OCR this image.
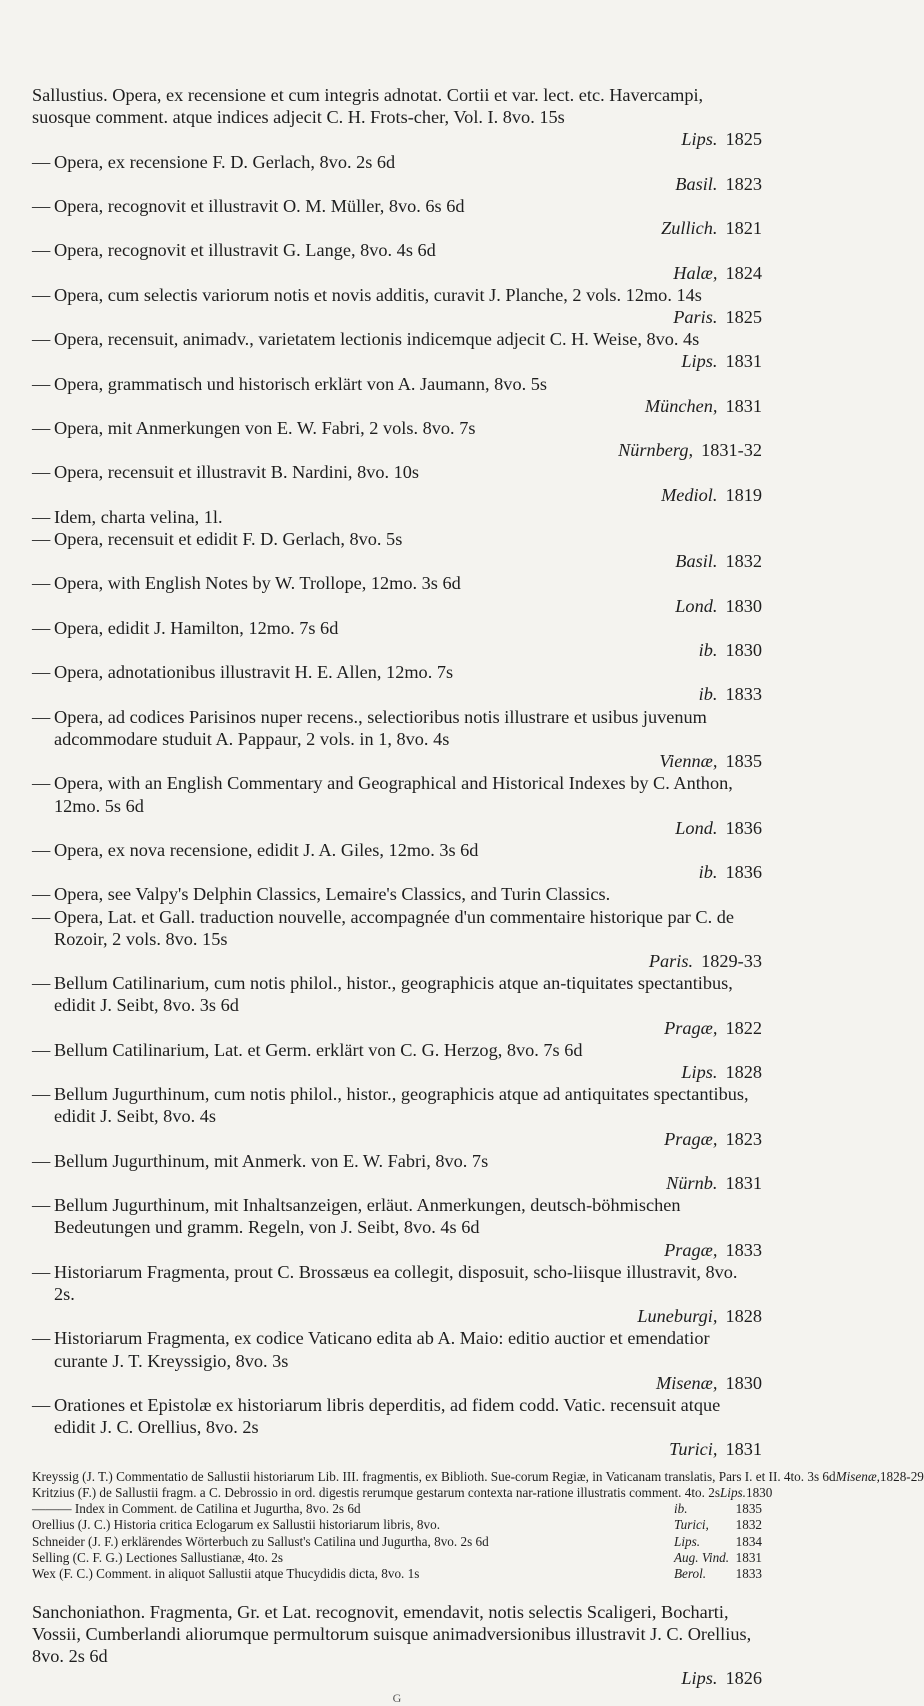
Sallustius. Opera, ex recensione et cum integris adnotat. Cortii et var. lect. etc. Havercampi, suosque comment. atque indices adjecit C. H. Frots-cher, Vol. I. 8vo. 15s
Lips. 1825

— Opera, ex recensione F. D. Gerlach, 8vo. 2s 6d
Basil. 1823

— Opera, recognovit et illustravit O. M. Müller, 8vo. 6s 6d
Zullich. 1821

— Opera, recognovit et illustravit G. Lange, 8vo. 4s 6d
Halæ, 1824

— Opera, cum selectis variorum notis et novis additis, curavit J. Planche, 2 vols. 12mo. 14s
Paris. 1825

— Opera, recensuit, animadv., varietatem lectionis indicemque adjecit C. H. Weise, 8vo. 4s
Lips. 1831

— Opera, grammatisch und historisch erklärt von A. Jaumann, 8vo. 5s
München, 1831

— Opera, mit Anmerkungen von E. W. Fabri, 2 vols. 8vo. 7s
Nürnberg, 1831-32

— Opera, recensuit et illustravit B. Nardini, 8vo. 10s
Mediol. 1819

— Idem, charta velina, 1l.

— Opera, recensuit et edidit F. D. Gerlach, 8vo. 5s
Basil. 1832

— Opera, with English Notes by W. Trollope, 12mo. 3s 6d
Lond. 1830

— Opera, edidit J. Hamilton, 12mo. 7s 6d
ib. 1830

— Opera, adnotationibus illustravit H. E. Allen, 12mo. 7s
ib. 1833

— Opera, ad codices Parisinos nuper recens., selectioribus notis illustrare et usibus juvenum adcommodare studuit A. Pappaur, 2 vols. in 1, 8vo. 4s
Viennæ, 1835

— Opera, with an English Commentary and Geographical and Historical Indexes by C. Anthon, 12mo. 5s 6d
Lond. 1836

— Opera, ex nova recensione, edidit J. A. Giles, 12mo. 3s 6d
ib. 1836

— Opera, see Valpy's Delphin Classics, Lemaire's Classics, and Turin Classics.

— Opera, Lat. et Gall. traduction nouvelle, accompagnée d'un commentaire historique par C. de Rozoir, 2 vols. 8vo. 15s
Paris. 1829-33

— Bellum Catilinarium, cum notis philol., histor., geographicis atque an-tiquitates spectantibus, edidit J. Seibt, 8vo. 3s 6d
Pragæ, 1822

— Bellum Catilinarium, Lat. et Germ. erklärt von C. G. Herzog, 8vo. 7s 6d
Lips. 1828

— Bellum Jugurthinum, cum notis philol., histor., geographicis atque ad antiquitates spectantibus, edidit J. Seibt, 8vo. 4s
Pragæ, 1823

— Bellum Jugurthinum, mit Anmerk. von E. W. Fabri, 8vo. 7s
Nürnb. 1831

— Bellum Jugurthinum, mit Inhaltsanzeigen, erläut. Anmerkungen, deutsch-böhmischen Bedeutungen und gramm. Regeln, von J. Seibt, 8vo. 4s 6d
Pragæ, 1833

— Historiarum Fragmenta, prout C. Brossæus ea collegit, disposuit, scho-liisque illustravit, 8vo. 2s.
Luneburgi, 1828

— Historiarum Fragmenta, ex codice Vaticano edita ab A. Maio: editio auctior et emendatior curante J. T. Kreyssigio, 8vo. 3s
Misenæ, 1830

— Orationes et Epistolæ ex historiarum libris deperditis, ad fidem codd. Vatic. recensuit atque edidit J. C. Orellius, 8vo. 2s
Turici, 1831

Kreyssig (J. T.) Commentatio de Sallustii historiarum Lib. III. fragmentis, ex Biblioth. Sue-corum Regiæ, in Vaticanam translatis, Pars I. et II. 4to. 3s 6d Misenæ, 1828-29
Kritzius (F.) de Sallustii fragm. a C. Debrossio in ord. digestis rerumque gestarum contexta nar-ratione illustratis comment. 4to. 2s Lips. 1830
——— Index in Comment. de Catilina et Jugurtha, 8vo. 2s 6d	ib.	1835
Orellius (J. C.) Historia critica Eclogarum ex Sallustii historiarum libris, 8vo.	Turici,	1832
Schneider (J. F.) erklärendes Wörterbuch zu Sallust's Catilina und Jugurtha, 8vo. 2s 6d	Lips.	1834
Selling (C. F. G.) Lectiones Sallustianæ, 4to. 2s	Aug. Vind. 1831
Wex (F. C.) Comment. in aliquot Sallustii atque Thucydidis dicta, 8vo. 1s	Berol.	1833

Sanchoniathon. Fragmenta, Gr. et Lat. recognovit, emendavit, notis selectis Scaligeri, Bocharti, Vossii, Cumberlandi aliorumque permultorum suisque animadversionibus illustravit J. C. Orellius, 8vo. 2s 6d
Lips. 1826

G
